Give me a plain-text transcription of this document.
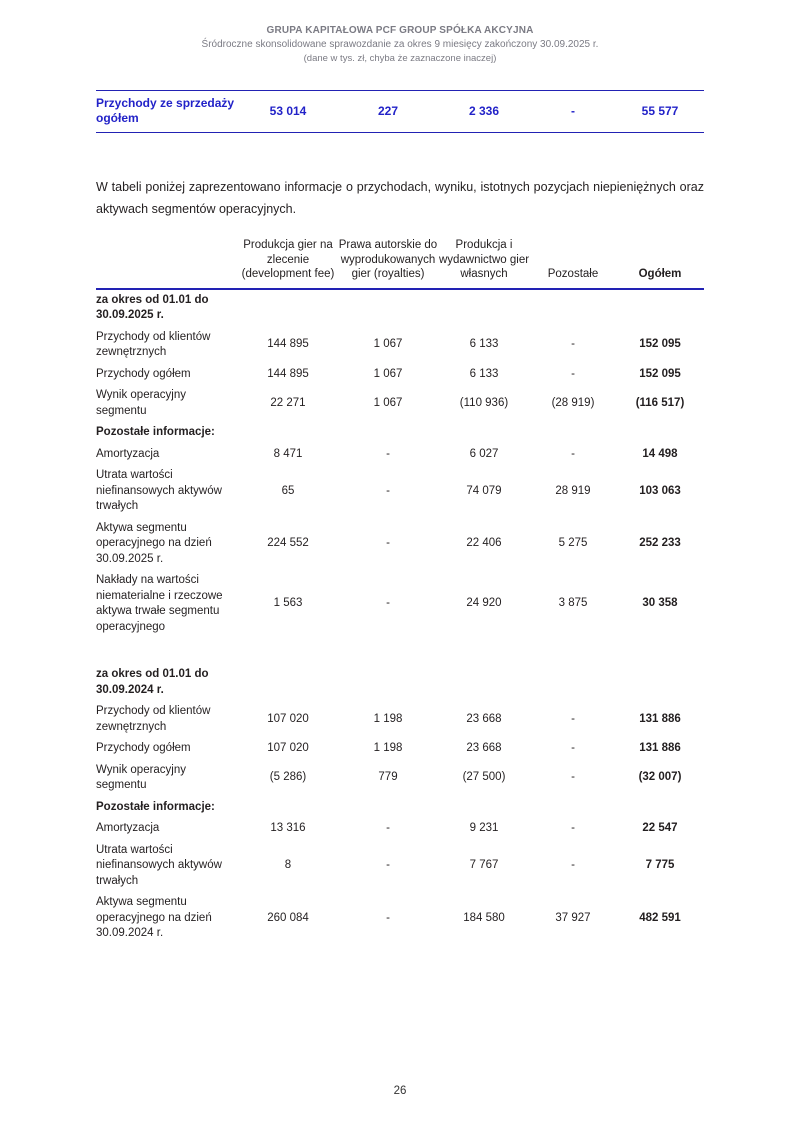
GRUPA KAPITAŁOWA PCF GROUP SPÓŁKA AKCYJNA
Śródroczne skonsolidowane sprawozdanie za okres 9 miesięcy zakończony 30.09.2025 r.
(dane w tys. zł, chyba że zaznaczone inaczej)

Przychody ze sprzedaży ogółem	53 014	227	2 336	-	55 577

W tabeli poniżej zaprezentowano informacje o przychodach, wyniku, istotnych pozycjach niepieniężnych oraz aktywach segmentów operacyjnych.

	Produkcja gier na zlecenie (development fee)	Prawa autorskie do wyprodukowanych gier (royalties)	Produkcja i wydawnictwo gier własnych	Pozostałe	Ogółem

za okres od 01.01 do 30.09.2025 r.					
Przychody od klientów zewnętrznych	144 895	1 067	6 133	-	152 095
Przychody ogółem	144 895	1 067	6 133	-	152 095
Wynik operacyjny segmentu	22 271	1 067	(110 936)	(28 919)	(116 517)
Pozostałe informacje:					
Amortyzacja	8 471	-	6 027	-	14 498
Utrata wartości niefinansowych aktywów trwałych	65	-	74 079	28 919	103 063
Aktywa segmentu operacyjnego na dzień 30.09.2025 r.	224 552	-	22 406	5 275	252 233
Nakłady na wartości niematerialne i rzeczowe aktywa trwałe segmentu operacyjnego	1 563	-	24 920	3 875	30 358

za okres od 01.01 do 30.09.2024 r.					
Przychody od klientów zewnętrznych	107 020	1 198	23 668	-	131 886
Przychody ogółem	107 020	1 198	23 668	-	131 886
Wynik operacyjny segmentu	(5 286)	779	(27 500)	-	(32 007)
Pozostałe informacje:					
Amortyzacja	13 316	-	9 231	-	22 547
Utrata wartości niefinansowych aktywów trwałych	8	-	7 767	-	7 775
Aktywa segmentu operacyjnego na dzień 30.09.2024 r.	260 084	-	184 580	37 927	482 591
26
